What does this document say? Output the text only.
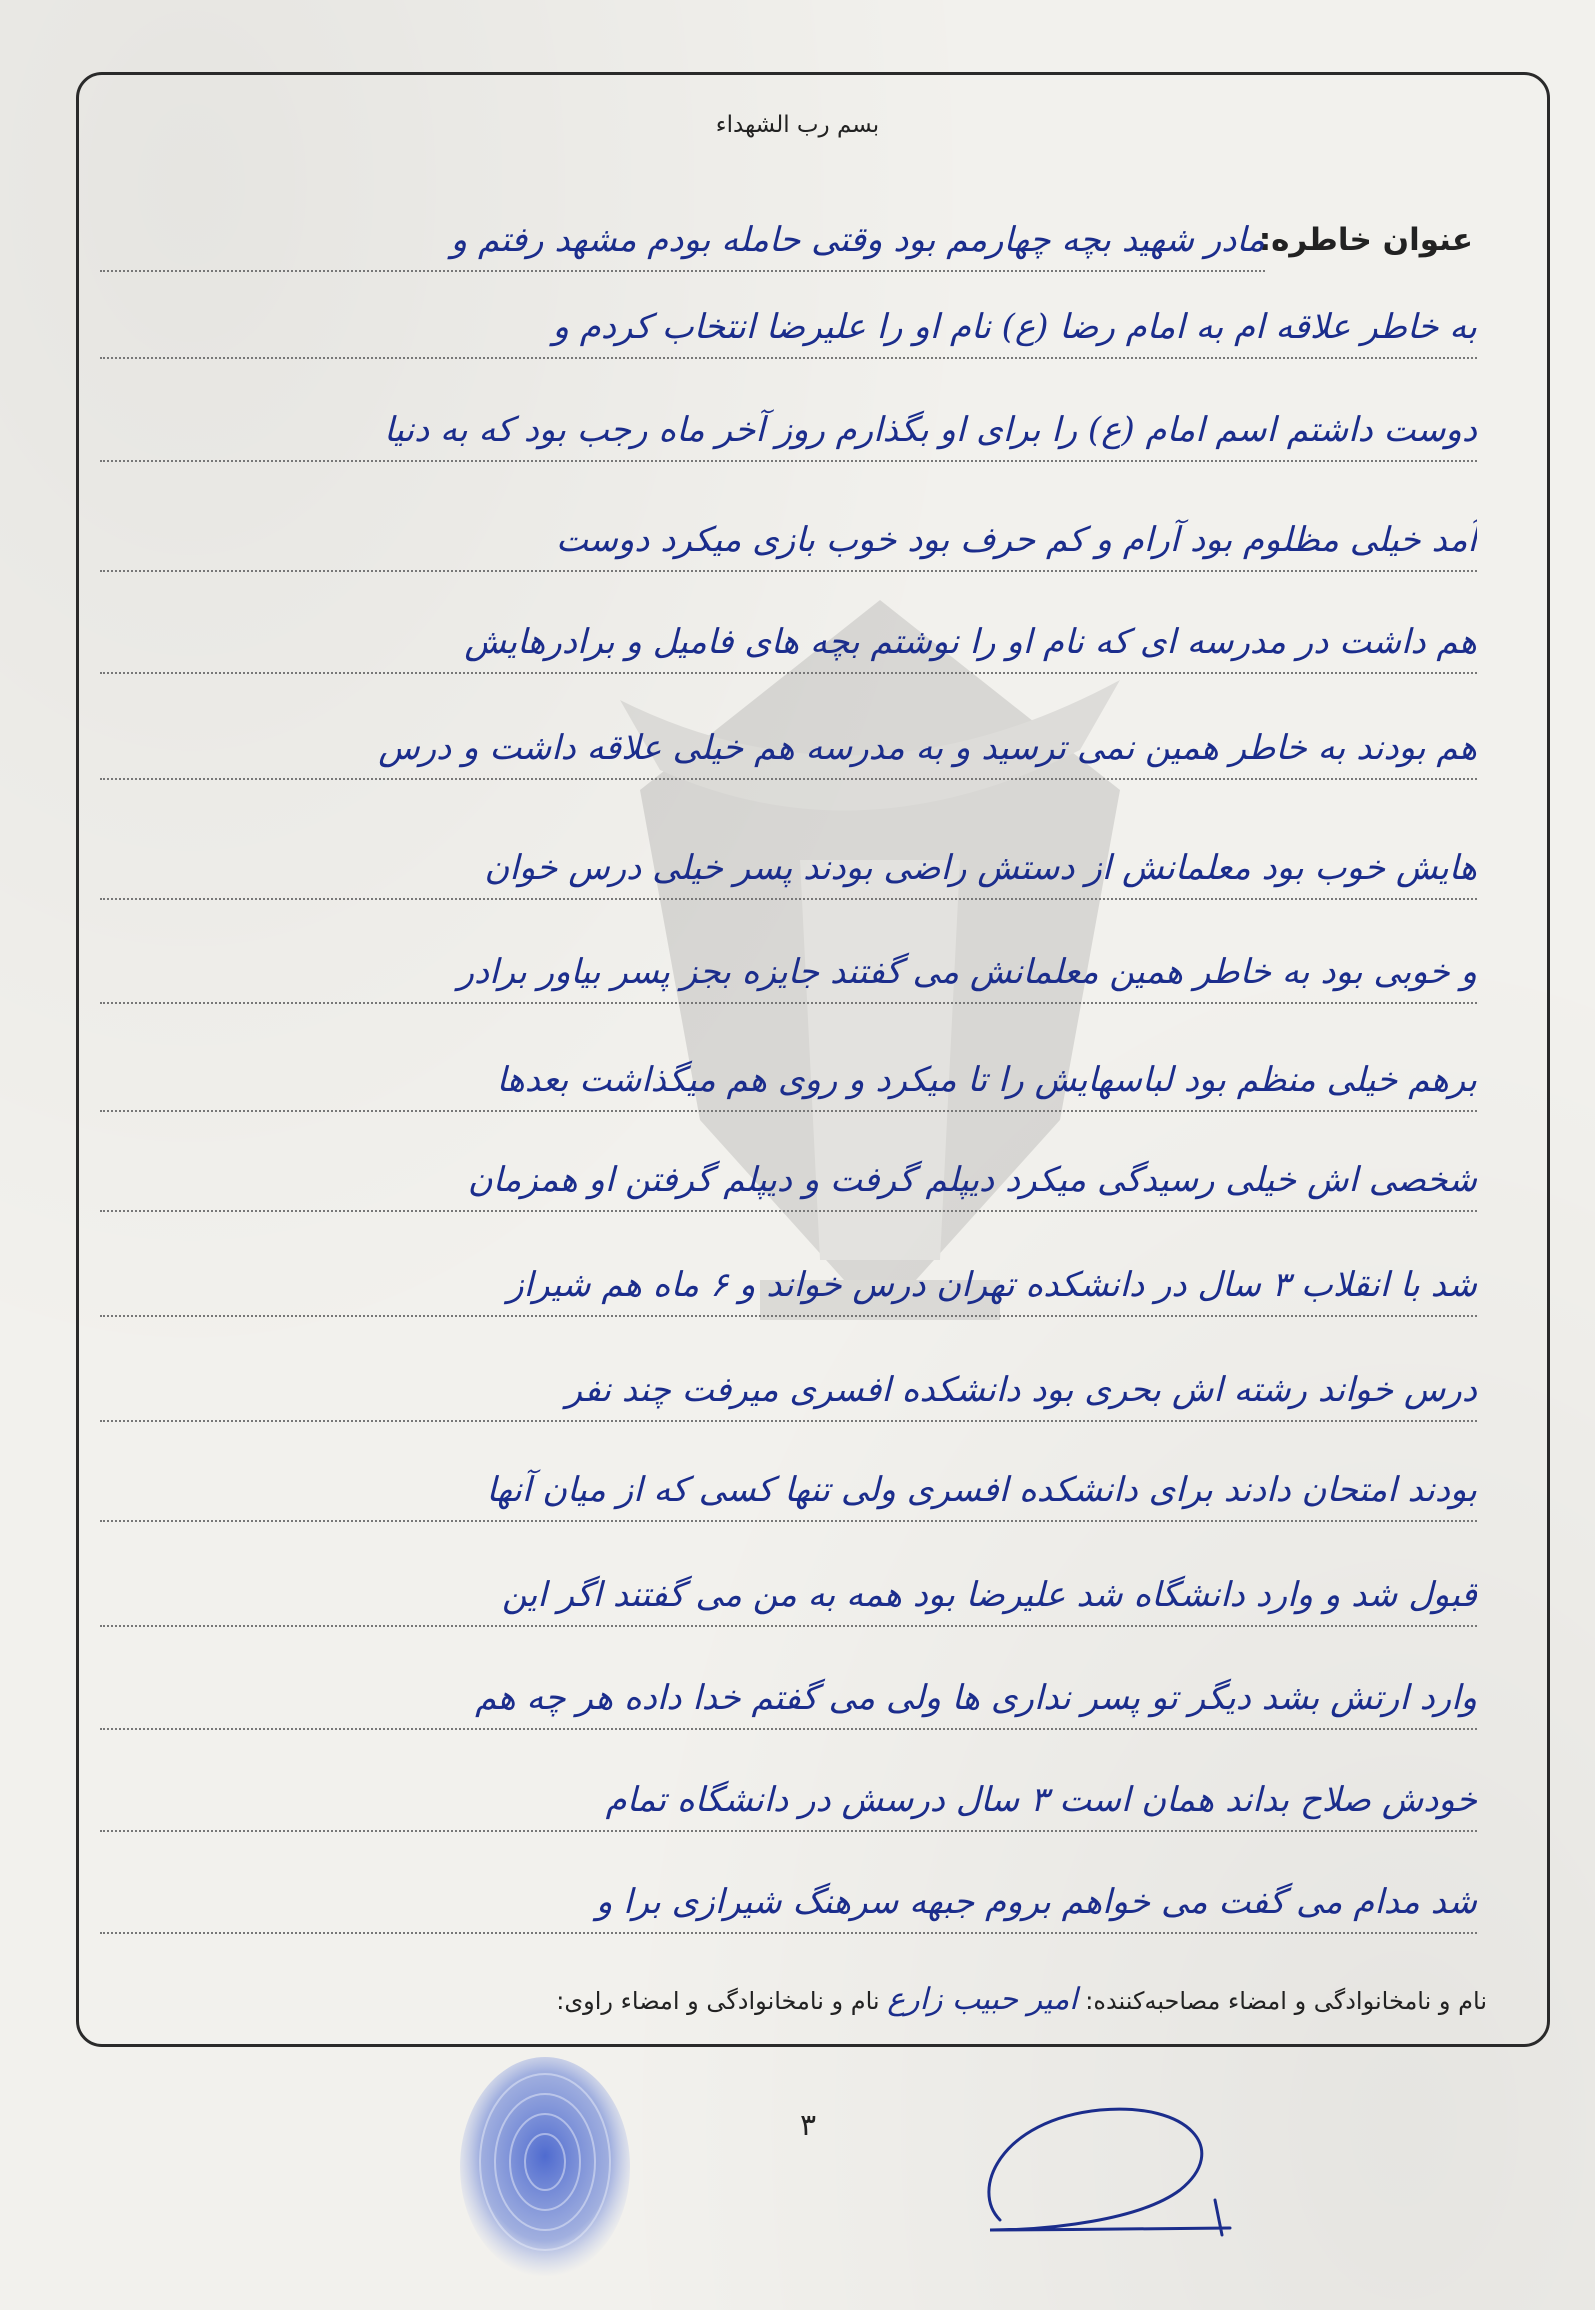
بسم رب الشهداء
عنوان خاطره:
مادر شهید بچه چهارمم بود وقتی حامله بودم مشهد رفتم و
به خاطر علاقه ام به امام رضا (ع) نام او را علیرضا انتخاب کردم و
دوست داشتم اسم امام (ع) را برای او بگذارم روز آخر ماه رجب بود که به دنیا
آمد خیلی مظلوم بود آرام و کم حرف بود خوب بازی میکرد دوست
هم داشت در مدرسه ای که نام او را نوشتم بچه های فامیل و برادرهایش
هم بودند به خاطر همین نمی ترسید و به مدرسه هم خیلی علاقه داشت و درس
هایش خوب بود معلمانش از دستش راضی بودند پسر خیلی درس خوان
و خوبی بود به خاطر همین معلمانش می گفتند جایزه بجز پسر بیاور برادر
برهم خیلی منظم بود لباسهایش را تا میکرد و روی هم میگذاشت بعدها
شخصی اش خیلی رسیدگی میکرد دیپلم گرفت و دیپلم گرفتن او همزمان
شد با انقلاب ۳ سال در دانشکده تهران درس خواند و ۶ ماه هم شیراز
درس خواند رشته اش بحری بود دانشکده افسری میرفت چند نفر
بودند امتحان دادند برای دانشکده افسری ولی تنها کسی که از میان آنها
قبول شد و وارد دانشگاه شد علیرضا بود همه به من می گفتند اگر این
وارد ارتش بشد دیگر تو پسر نداری ها ولی می گفتم خدا داده هر چه هم
خودش صلاح بداند همان است ۳ سال درسش در دانشگاه تمام
شد مدام می گفت می خواهم بروم جبهه سرهنگ شیرازی برا و
نام و نامخانوادگی و امضاء مصاحبه‌کننده: امیر حبیب زارع نام و نامخانوادگی و امضاء راوی:
۳
